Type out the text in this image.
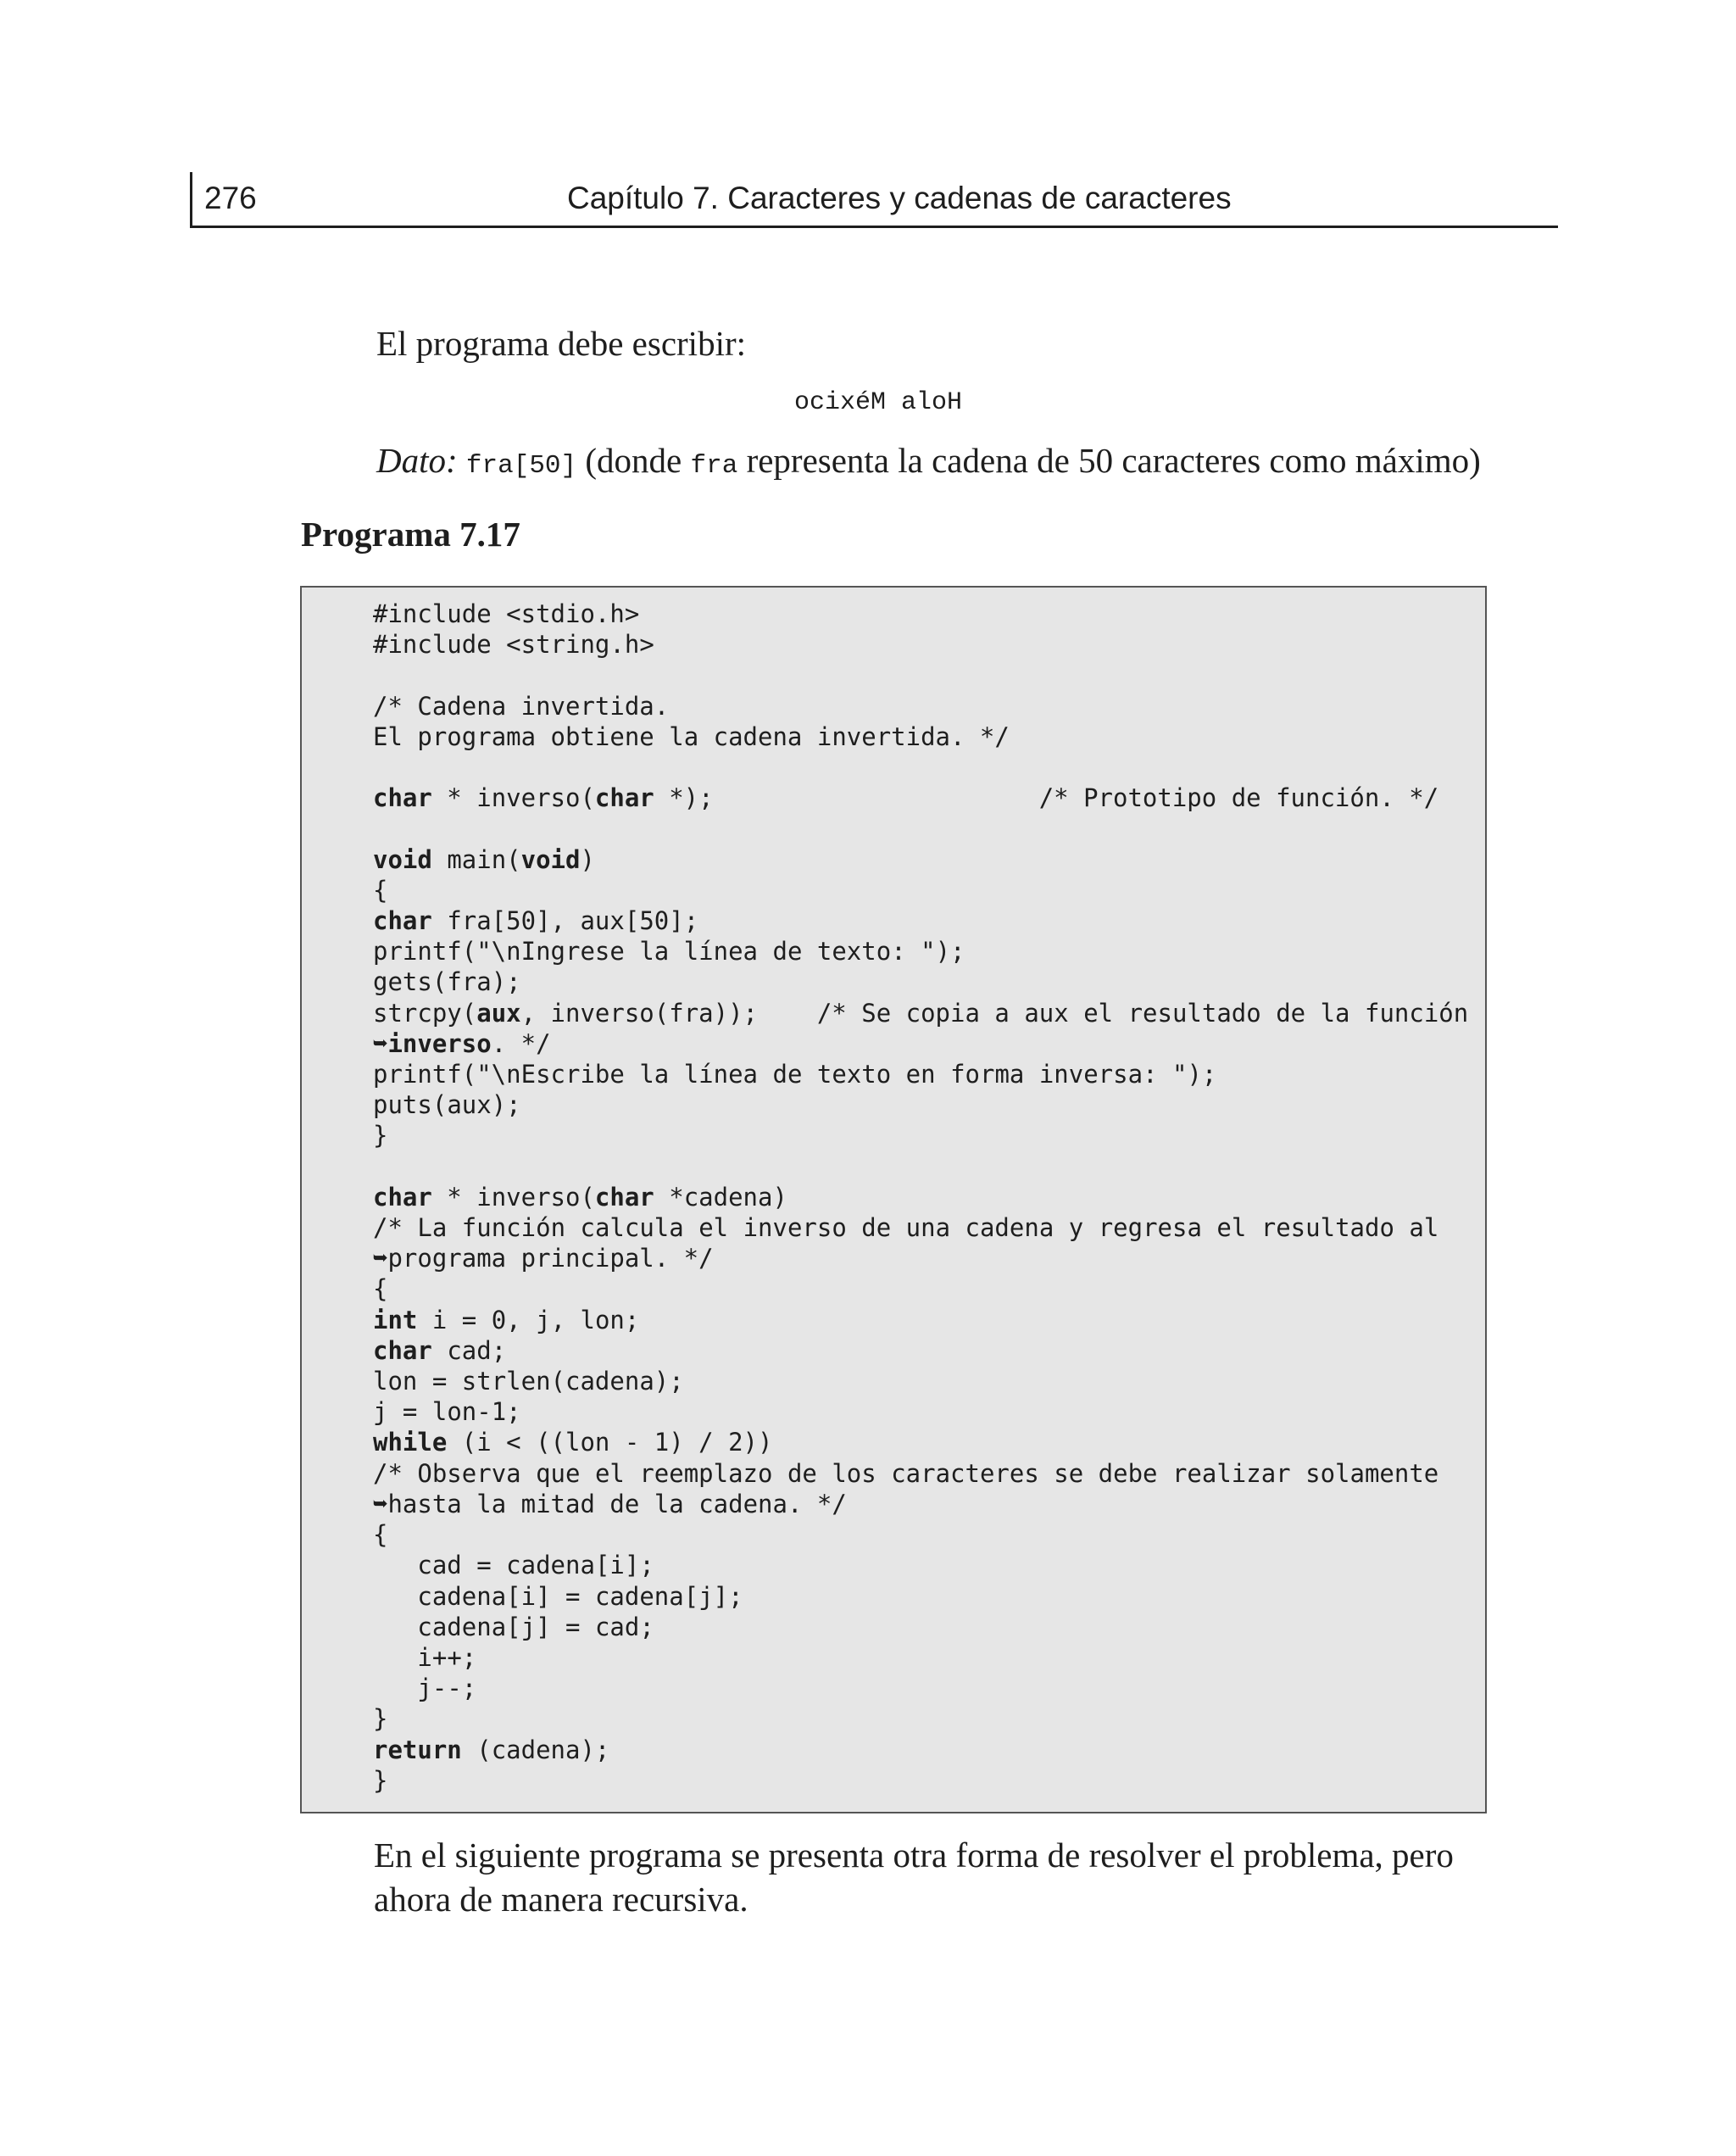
276	Capítulo 7. Caracteres y cadenas de caracteres
El programa debe escribir:
ocixéM aloH
Dato: fra[50] (donde fra representa la cadena de 50 caracteres como máximo)
Programa 7.17
#include <stdio.h>
#include <string.h>

/* Cadena invertida.
El programa obtiene la cadena invertida. */

char * inverso(char *);                      /* Prototipo de función. */

void main(void)
{
char fra[50], aux[50];
printf("\nIngrese la línea de texto: ");
gets(fra);
strcpy(aux, inverso(fra));    /* Se copia a aux el resultado de la función
➥inverso. */
printf("\nEscribe la línea de texto en forma inversa: ");
puts(aux);
}

char * inverso(char *cadena)
/* La función calcula el inverso de una cadena y regresa el resultado al
➥programa principal. */
{
int i = 0, j, lon;
char cad;
lon = strlen(cadena);
j = lon-1;
while (i < ((lon - 1) / 2))
/* Observa que el reemplazo de los caracteres se debe realizar solamente
➥hasta la mitad de la cadena. */
{
cad = cadena[i];
cadena[i] = cadena[j];
cadena[j] = cad;
i++;
j--;
}
return (cadena);
}

En el siguiente programa se presenta otra forma de resolver el problema, pero
ahora de manera recursiva.
